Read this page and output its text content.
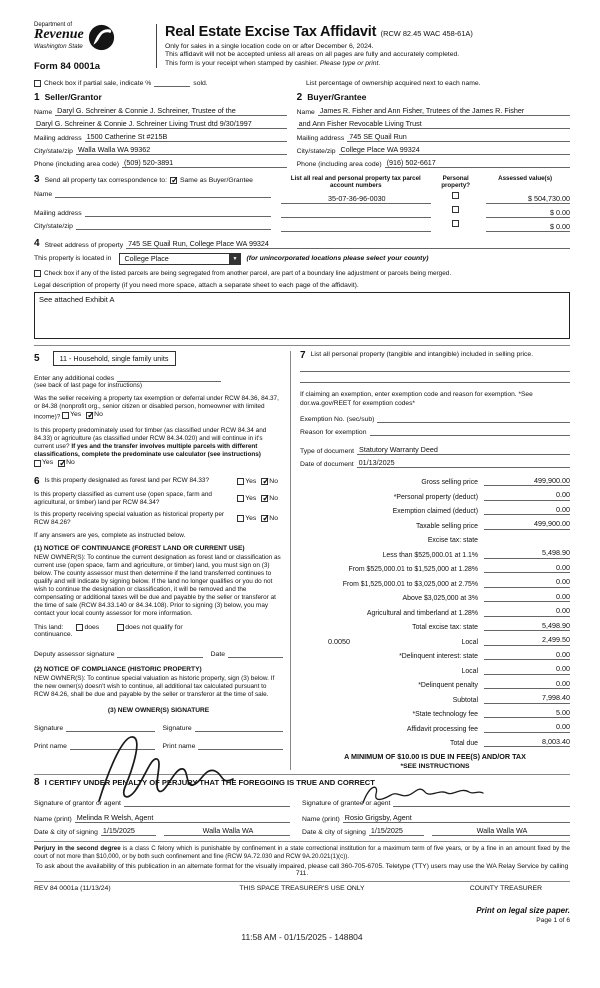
Department of
Revenue
Washington State
Form 84 0001a
Real Estate Excise Tax Affidavit (RCW 82.45 WAC 458-61A)
Only for sales in a single location code on or after December 6, 2024.
This affidavit will not be accepted unless all areas on all pages are fully and accurately completed.
This form is your receipt when stamped by cashier. Please type or print.
Check box if partial sale, indicate %	sold.	List percentage of ownership acquired next to each name.
1 Seller/Grantor
Name Daryl G. Schreiner & Connie J. Schreiner, Trustee of the
Daryl G. Schreiner & Connie J. Schreiner Living Trust dtd 9/30/1997
Mailing address 1500 Catherine St #215B
City/state/zip Walla Walla WA 99362
Phone (including area code) (509) 520-3891
2 Buyer/Grantee
Name James R. Fisher and Ann Fisher, Trutees of the James R. Fisher
and Ann Fisher Revocable Living Trust
Mailing address 745 SE Quail Run
City/state/zip College Place WA 99324
Phone (including area code) (916) 502-6617
3 Send all property tax correspondence to: ✓ Same as Buyer/Grantee
Name
Mailing address
City/state/zip
List all real and personal property tax parcel account numbers
Personal property?
Assessed value(s)
35-07-36-96-0030	$ 504,730.00
$ 0.00
$ 0.00
4 Street address of property 745 SE Quail Run, College Place WA 99324
This property is located in College Place	▼	(for unincorporated locations please select your county)
Check box if any of the listed parcels are being segregated from another parcel, are part of a boundary line adjustment or parcels being merged.
Legal description of property (if you need more space, attach a separate sheet to each page of the affidavit).
See attached Exhibit A
5	11 - Household, single family units
Enter any additional codes
(see back of last page for instructions)
Was the seller receiving a property tax exemption or deferral under RCW 84.36, 84.37, or 84.38 (nonprofit org., senior citizen or disabled person, homeowner with limited income)? Yes ✓ No
Is this property predominately used for timber (as classified under RCW 84.34 and 84.33) or agriculture (as classified under RCW 84.34.020) and will continue in it's current use? If yes and the transfer involves multiple parcels with different classifications, complete the predominate use calculator (see instructions)
Yes ✓ No
6 Is this property designated as forest land per RCW 84.33?	Yes ✓ No
Is this property classified as current use (open space, farm and agricultural, or timber) land per RCW 84.34?	Yes ✓ No
Is this property receiving special valuation as historical property per RCW 84.26?	Yes ✓ No
If any answers are yes, complete as instructed below.
(1) NOTICE OF CONTINUANCE (FOREST LAND OR CURRENT USE)
NEW OWNER(S): To continue the current designation as forest land or classification as current use (open space, farm and agriculture, or timber) land, you must sign on (3) below. The county assessor must then determine if the land transferred continues to qualify and will indicate by signing below. If the land no longer qualifies or you do not wish to continue the designation or classification, it will be removed and the compensating or additional taxes will be due and payable by the seller or transferor at the time of sale (RCW 84.33.140 or 84.34.108). Prior to signing (3) below, you may contact your local county assessor for more information.
This land:	does	does not qualify for
continuance.
Deputy assessor signature	Date
(2) NOTICE OF COMPLIANCE (HISTORIC PROPERTY)
NEW OWNER(S): To continue special valuation as historic property, sign (3) below. If the new owner(s) doesn't wish to continue, all additional tax calculated pursuant to RCW 84.26, shall be due and payable by the seller or transferor at the time of sale.
(3) NEW OWNER(S) SIGNATURE
Signature	Signature
Print name	Print name
7 List all personal property (tangible and intangible) included in selling price.
If claiming an exemption, enter exemption code and reason for exemption. *See dor.wa.gov/REET for exemption codes*
Exemption No. (sec/sub)
Reason for exemption
Type of document Statutory Warranty Deed
Date of document 01/13/2025
Gross selling price	499,900.00
*Personal property (deduct)	0.00
Exemption claimed (deduct)	0.00
Taxable selling price	499,900.00
Excise tax: state
Less than $525,000.01 at 1.1%	5,498.90
From $525,000.01 to $1,525,000 at 1.28%	0.00
From $1,525,000.01 to $3,025,000 at 2.75%	0.00
Above $3,025,000 at 3%	0.00
Agricultural and timberland at 1.28%	0.00
Total excise tax: state	5,498.90
0.0050	Local	2,499.50
*Delinquent interest: state	0.00
Local	0.00
*Delinquent penalty	0.00
Subtotal	7,998.40
*State technology fee	5.00
Affidavit processing fee	0.00
Total due	8,003.40
A MINIMUM OF $10.00 IS DUE IN FEE(S) AND/OR TAX
*SEE INSTRUCTIONS
8 I CERTIFY UNDER PENALTY OF PERJURY THAT THE FOREGOING IS TRUE AND CORRECT
Signature of grantor or agent
Name (print) Melinda R Welsh, Agent
Date & city of signing 1/15/2025	Walla Walla WA
Signature of grantee or agent
Name (print) Rosio Grigsby, Agent
Date & city of signing 1/15/2025	Walla Walla WA
Perjury in the second degree is a class C felony which is punishable by confinement in a state correctional institution for a maximum term of five years, or by a fine in an amount fixed by the court of not more than $10,000, or by both such confinement and fine (RCW 9A.72.030 and RCW 9A.20.021(1)(c)).
To ask about the availability of this publication in an alternate format for the visually impaired, please call 360-705-6705. Teletype (TTY) users may use the WA Relay Service by calling 711.
REV 84 0001a (11/13/24)	THIS SPACE TREASURER'S USE ONLY	COUNTY TREASURER
Print on legal size paper.
Page 1 of 6
11:58 AM - 01/15/2025 - 148804
